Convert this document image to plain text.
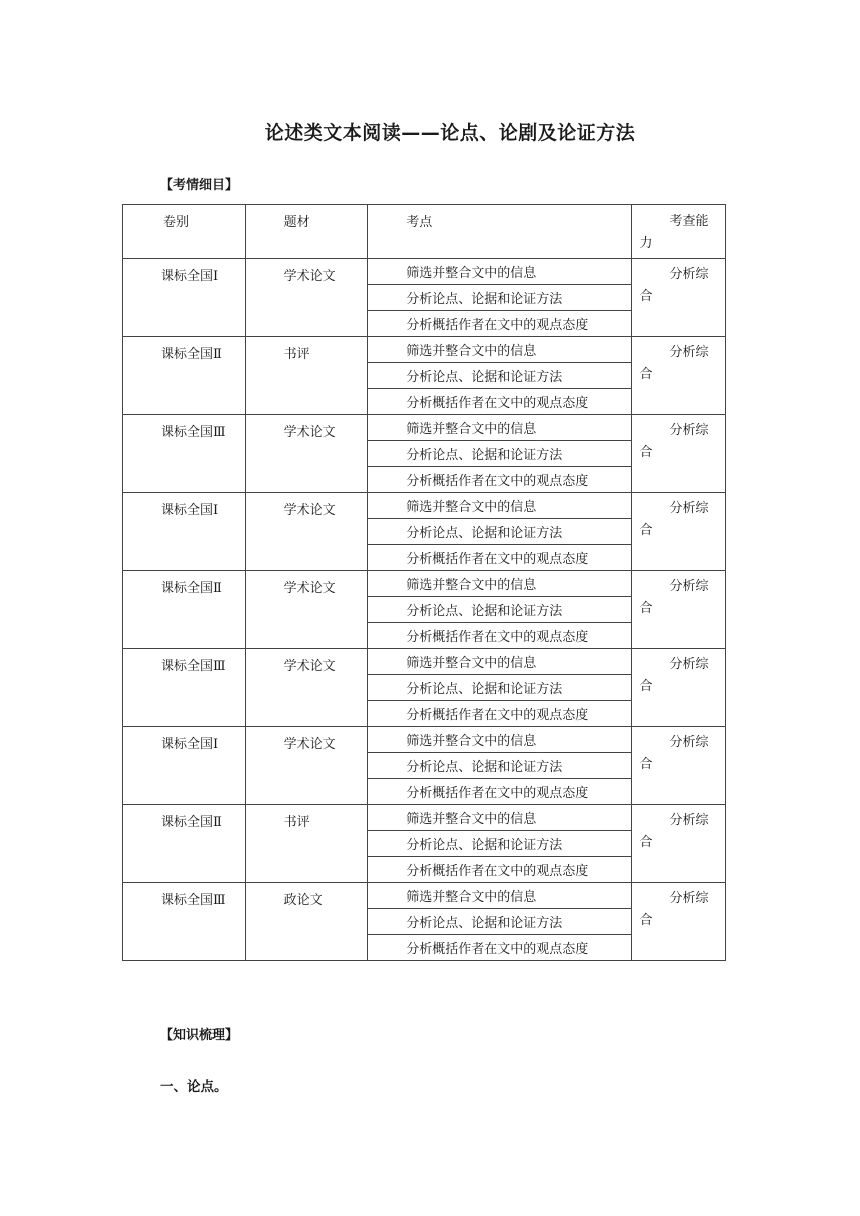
论述类文本阅读——论点、论剧及论证方法
【考情细目】
卷别	题材	考点	考查能力
课标全国Ⅰ	学术论文	筛选并整合文中的信息	分析综合
		分析论点、论据和论证方法	
		分析概括作者在文中的观点态度	
课标全国Ⅱ	书评	筛选并整合文中的信息	分析综合
		分析论点、论据和论证方法	
		分析概括作者在文中的观点态度	
课标全国Ⅲ	学术论文	筛选并整合文中的信息	分析综合
		分析论点、论据和论证方法	
		分析概括作者在文中的观点态度	
课标全国Ⅰ	学术论文	筛选并整合文中的信息	分析综合
		分析论点、论据和论证方法	
		分析概括作者在文中的观点态度	
课标全国Ⅱ	学术论文	筛选并整合文中的信息	分析综合
		分析论点、论据和论证方法	
		分析概括作者在文中的观点态度	
课标全国Ⅲ	学术论文	筛选并整合文中的信息	分析综合
		分析论点、论据和论证方法	
		分析概括作者在文中的观点态度	
课标全国Ⅰ	学术论文	筛选并整合文中的信息	分析综合
		分析论点、论据和论证方法	
		分析概括作者在文中的观点态度	
课标全国Ⅱ	书评	筛选并整合文中的信息	分析综合
		分析论点、论据和论证方法	
		分析概括作者在文中的观点态度	
课标全国Ⅲ	政论文	筛选并整合文中的信息	分析综合
		分析论点、论据和论证方法	
		分析概括作者在文中的观点态度	
【知识梳理】
一、论点。
